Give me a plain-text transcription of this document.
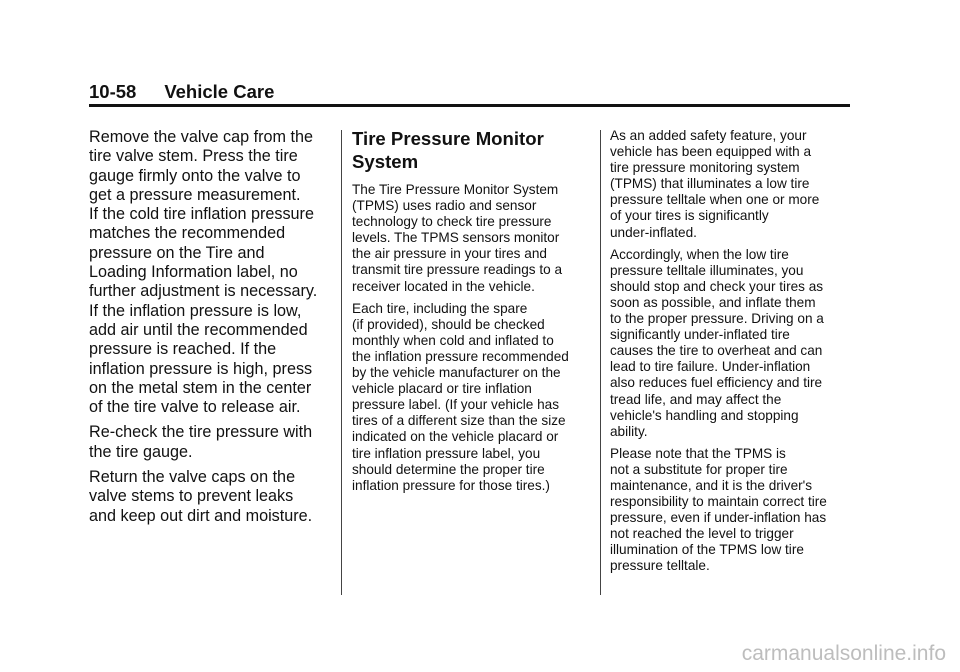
10-58 Vehicle Care

Remove the valve cap from the
tire valve stem. Press the tire
gauge firmly onto the valve to
get a pressure measurement.
If the cold tire inflation pressure
matches the recommended
pressure on the Tire and
Loading Information label, no
further adjustment is necessary.
If the inflation pressure is low,
add air until the recommended
pressure is reached. If the
inflation pressure is high, press
on the metal stem in the center
of the tire valve to release air.

Re-check the tire pressure with
the tire gauge.

Return the valve caps on the
valve stems to prevent leaks
and keep out dirt and moisture.

Tire Pressure Monitor
System

The Tire Pressure Monitor System
(TPMS) uses radio and sensor
technology to check tire pressure
levels. The TPMS sensors monitor
the air pressure in your tires and
transmit tire pressure readings to a
receiver located in the vehicle.

Each tire, including the spare
(if provided), should be checked
monthly when cold and inflated to
the inflation pressure recommended
by the vehicle manufacturer on the
vehicle placard or tire inflation
pressure label. (If your vehicle has
tires of a different size than the size
indicated on the vehicle placard or
tire inflation pressure label, you
should determine the proper tire
inflation pressure for those tires.)

As an added safety feature, your
vehicle has been equipped with a
tire pressure monitoring system
(TPMS) that illuminates a low tire
pressure telltale when one or more
of your tires is significantly
under-inflated.

Accordingly, when the low tire
pressure telltale illuminates, you
should stop and check your tires as
soon as possible, and inflate them
to the proper pressure. Driving on a
significantly under-inflated tire
causes the tire to overheat and can
lead to tire failure. Under-inflation
also reduces fuel efficiency and tire
tread life, and may affect the
vehicle's handling and stopping
ability.

Please note that the TPMS is
not a substitute for proper tire
maintenance, and it is the driver's
responsibility to maintain correct tire
pressure, even if under-inflation has
not reached the level to trigger
illumination of the TPMS low tire
pressure telltale.

carmanualsonline.info
